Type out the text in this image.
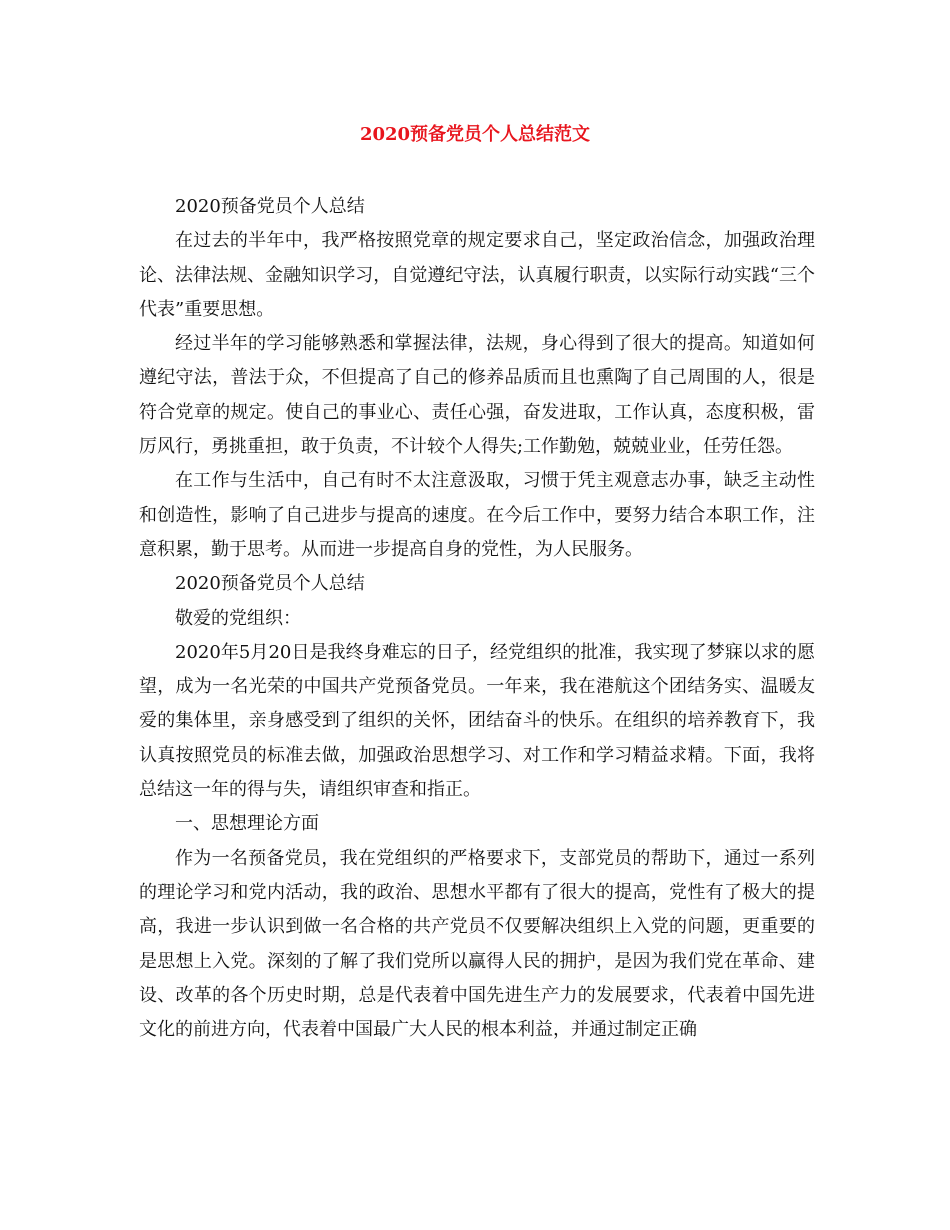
2020预备党员个人总结范文

2020预备党员个人总结

在过去的半年中，我严格按照党章的规定要求自己，坚定政治信念，加强政治理论、法律法规、金融知识学习，自觉遵纪守法，认真履行职责，以实际行动实践“三个代表”重要思想。

经过半年的学习能够熟悉和掌握法律，法规，身心得到了很大的提高。知道如何遵纪守法，普法于众，不但提高了自己的修养品质而且也熏陶了自己周围的人，很是符合党章的规定。使自己的事业心、责任心强，奋发进取，工作认真，态度积极，雷厉风行，勇挑重担，敢于负责，不计较个人得失;工作勤勉，兢兢业业，任劳任怨。

在工作与生活中，自己有时不太注意汲取，习惯于凭主观意志办事，缺乏主动性和创造性，影响了自己进步与提高的速度。在今后工作中，要努力结合本职工作，注意积累，勤于思考。从而进一步提高自身的党性，为人民服务。

2020预备党员个人总结

敬爱的党组织：

2020年5月20日是我终身难忘的日子，经党组织的批准，我实现了梦寐以求的愿望，成为一名光荣的中国共产党预备党员。一年来，我在港航这个团结务实、温暖友爱的集体里，亲身感受到了组织的关怀，团结奋斗的快乐。在组织的培养教育下，我认真按照党员的标准去做，加强政治思想学习、对工作和学习精益求精。下面，我将总结这一年的得与失，请组织审查和指正。

一、思想理论方面

作为一名预备党员，我在党组织的严格要求下，支部党员的帮助下，通过一系列的理论学习和党内活动，我的政治、思想水平都有了很大的提高，党性有了极大的提高，我进一步认识到做一名合格的共产党员不仅要解决组织上入党的问题，更重要的是思想上入党。深刻的了解了我们党所以赢得人民的拥护，是因为我们党在革命、建设、改革的各个历史时期，总是代表着中国先进生产力的发展要求，代表着中国先进文化的前进方向，代表着中国最广大人民的根本利益，并通过制定正确
